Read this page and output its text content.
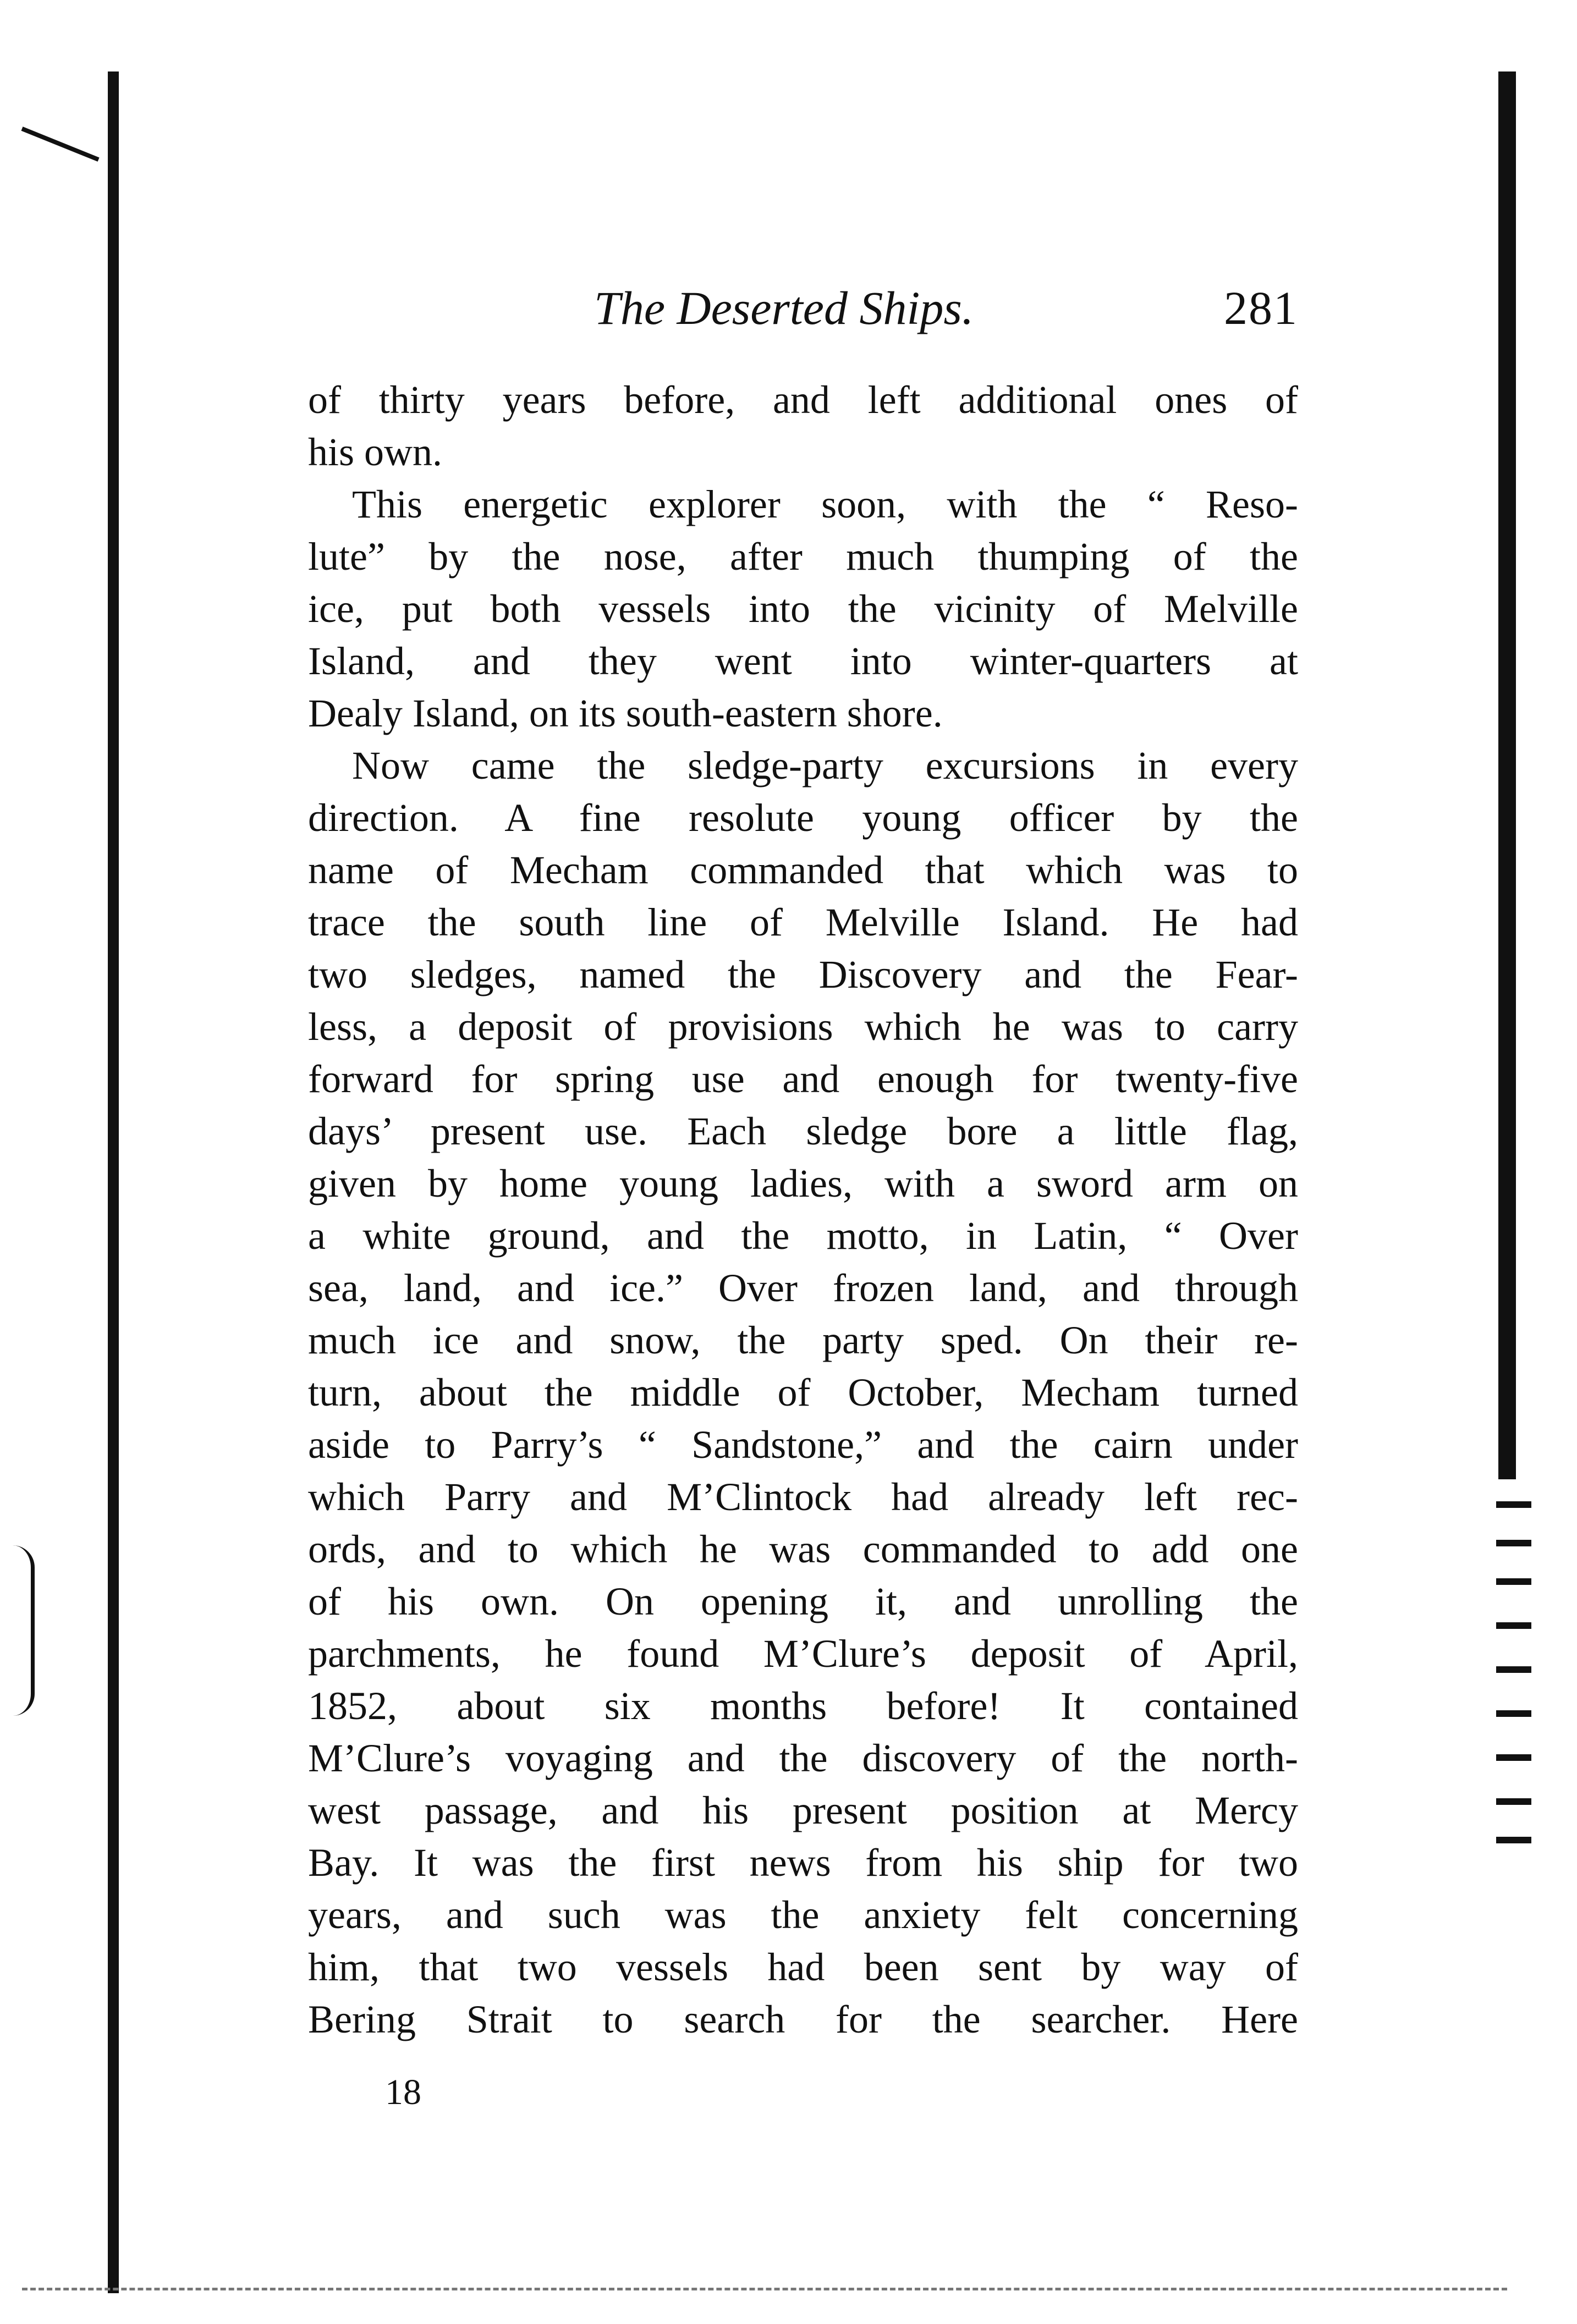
The Deserted Ships.	281
of thirty years before, and left additional ones of
his own.
This energetic explorer soon, with the “ Reso-
lute” by the nose, after much thumping of the
ice, put both vessels into the vicinity of Melville
Island, and they went into winter-quarters at
Dealy Island, on its south-eastern shore.
Now came the sledge-party excursions in every
direction. A fine resolute young officer by the
name of Mecham commanded that which was to
trace the south line of Melville Island. He had
two sledges, named the Discovery and the Fear-
less, a deposit of provisions which he was to carry
forward for spring use and enough for twenty-five
days’ present use. Each sledge bore a little flag,
given by home young ladies, with a sword arm on
a white ground, and the motto, in Latin, “ Over
sea, land, and ice.” Over frozen land, and through
much ice and snow, the party sped. On their re-
turn, about the middle of October, Mecham turned
aside to Parry’s “ Sandstone,” and the cairn under
which Parry and M’Clintock had already left rec-
ords, and to which he was commanded to add one
of his own. On opening it, and unrolling the
parchments, he found M’Clure’s deposit of April,
1852, about six months before! It contained
M’Clure’s voyaging and the discovery of the north-
west passage, and his present position at Mercy
Bay. It was the first news from his ship for two
years, and such was the anxiety felt concerning
him, that two vessels had been sent by way of
Bering Strait to search for the searcher. Here
18
